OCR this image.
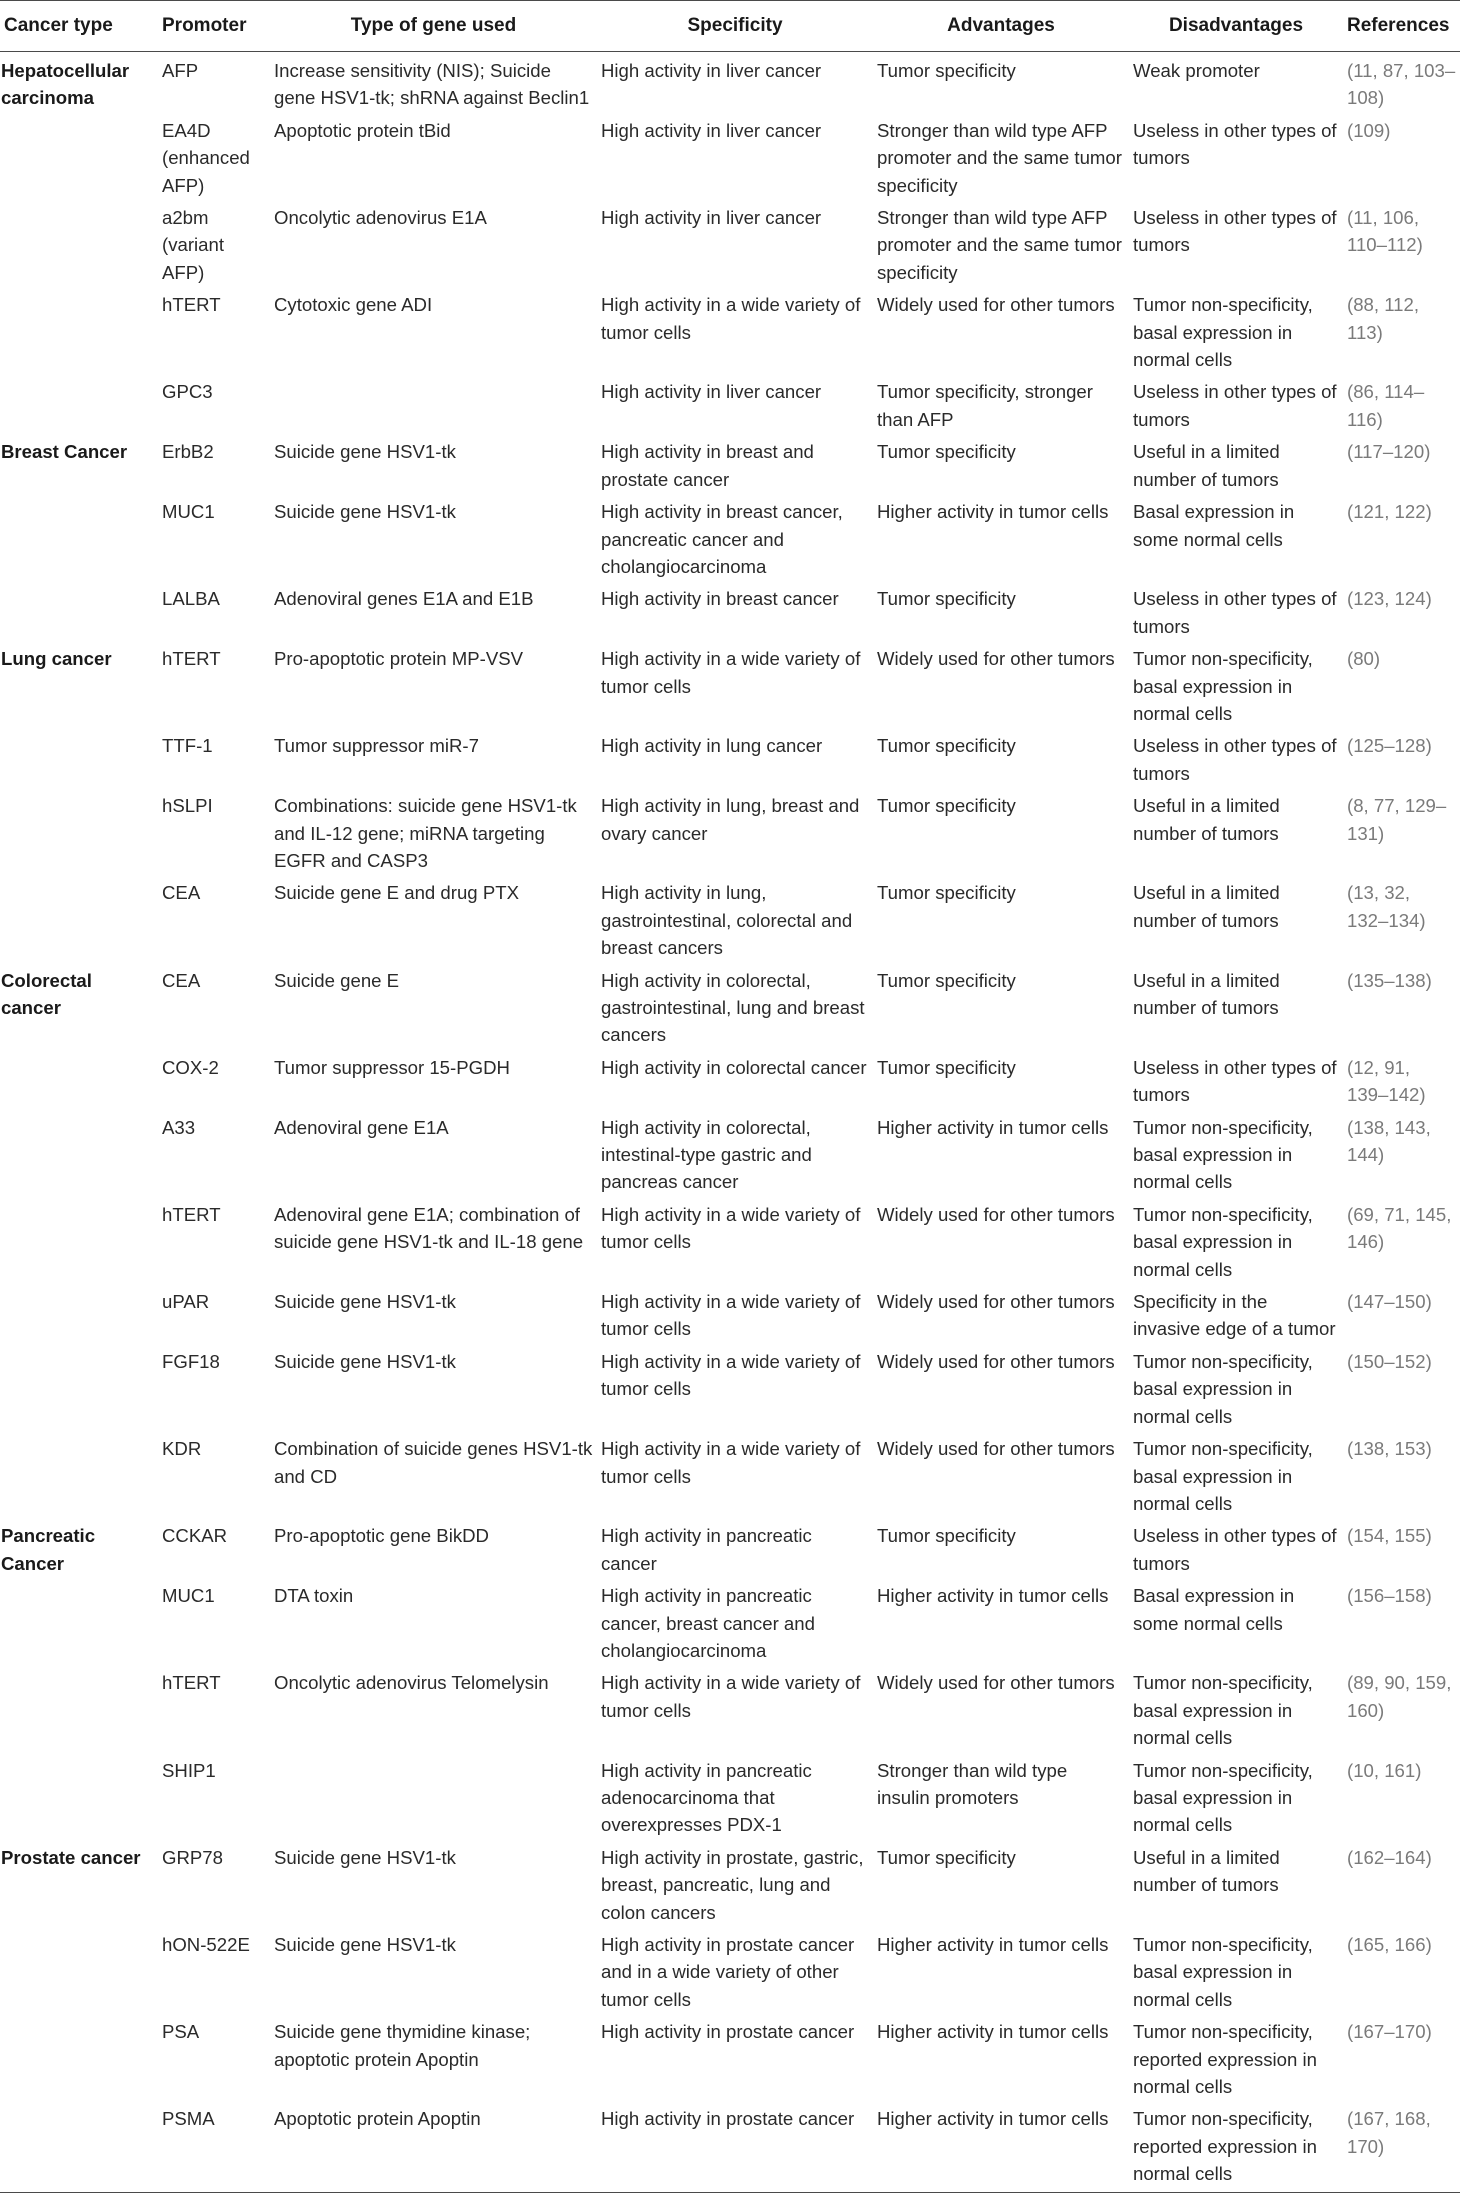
Cancer type	Promoter	Type of gene used	Specificity	Advantages	Disadvantages	References
Hepatocellular carcinoma	AFP	Increase sensitivity (NIS); Suicide gene HSV1-tk; shRNA against Beclin1	High activity in liver cancer	Tumor specificity	Weak promoter	(11, 87, 103–108)
	EA4D (enhanced AFP)	Apoptotic protein tBid	High activity in liver cancer	Stronger than wild type AFP promoter and the same tumor specificity	Useless in other types of tumors	(109)
	a2bm (variant AFP)	Oncolytic adenovirus E1A	High activity in liver cancer	Stronger than wild type AFP promoter and the same tumor specificity	Useless in other types of tumors	(11, 106, 110–112)
	hTERT	Cytotoxic gene ADI	High activity in a wide variety of tumor cells	Widely used for other tumors	Tumor non-specificity, basal expression in normal cells	(88, 112, 113)
	GPC3		High activity in liver cancer	Tumor specificity, stronger than AFP	Useless in other types of tumors	(86, 114–116)
Breast Cancer	ErbB2	Suicide gene HSV1-tk	High activity in breast and prostate cancer	Tumor specificity	Useful in a limited number of tumors	(117–120)
	MUC1	Suicide gene HSV1-tk	High activity in breast cancer, pancreatic cancer and cholangiocarcinoma	Higher activity in tumor cells	Basal expression in some normal cells	(121, 122)
	LALBA	Adenoviral genes E1A and E1B	High activity in breast cancer	Tumor specificity	Useless in other types of tumors	(123, 124)
Lung cancer	hTERT	Pro-apoptotic protein MP-VSV	High activity in a wide variety of tumor cells	Widely used for other tumors	Tumor non-specificity, basal expression in normal cells	(80)
	TTF-1	Tumor suppressor miR-7	High activity in lung cancer	Tumor specificity	Useless in other types of tumors	(125–128)
	hSLPI	Combinations: suicide gene HSV1-tk and IL-12 gene; miRNA targeting EGFR and CASP3	High activity in lung, breast and ovary cancer	Tumor specificity	Useful in a limited number of tumors	(8, 77, 129–131)
	CEA	Suicide gene E and drug PTX	High activity in lung, gastrointestinal, colorectal and breast cancers	Tumor specificity	Useful in a limited number of tumors	(13, 32, 132–134)
Colorectal cancer	CEA	Suicide gene E	High activity in colorectal, gastrointestinal, lung and breast cancers	Tumor specificity	Useful in a limited number of tumors	(135–138)
	COX-2	Tumor suppressor 15-PGDH	High activity in colorectal cancer	Tumor specificity	Useless in other types of tumors	(12, 91, 139–142)
	A33	Adenoviral gene E1A	High activity in colorectal, intestinal-type gastric and pancreas cancer	Higher activity in tumor cells	Tumor non-specificity, basal expression in normal cells	(138, 143, 144)
	hTERT	Adenoviral gene E1A; combination of suicide gene HSV1-tk and IL-18 gene	High activity in a wide variety of tumor cells	Widely used for other tumors	Tumor non-specificity, basal expression in normal cells	(69, 71, 145, 146)
	uPAR	Suicide gene HSV1-tk	High activity in a wide variety of tumor cells	Widely used for other tumors	Specificity in the invasive edge of a tumor	(147–150)
	FGF18	Suicide gene HSV1-tk	High activity in a wide variety of tumor cells	Widely used for other tumors	Tumor non-specificity, basal expression in normal cells	(150–152)
	KDR	Combination of suicide genes HSV1-tk and CD	High activity in a wide variety of tumor cells	Widely used for other tumors	Tumor non-specificity, basal expression in normal cells	(138, 153)
Pancreatic Cancer	CCKAR	Pro-apoptotic gene BikDD	High activity in pancreatic cancer	Tumor specificity	Useless in other types of tumors	(154, 155)
	MUC1	DTA toxin	High activity in pancreatic cancer, breast cancer and cholangiocarcinoma	Higher activity in tumor cells	Basal expression in some normal cells	(156–158)
	hTERT	Oncolytic adenovirus Telomelysin	High activity in a wide variety of tumor cells	Widely used for other tumors	Tumor non-specificity, basal expression in normal cells	(89, 90, 159, 160)
	SHIP1		High activity in pancreatic adenocarcinoma that overexpresses PDX-1	Stronger than wild type insulin promoters	Tumor non-specificity, basal expression in normal cells	(10, 161)
Prostate cancer	GRP78	Suicide gene HSV1-tk	High activity in prostate, gastric, breast, pancreatic, lung and colon cancers	Tumor specificity	Useful in a limited number of tumors	(162–164)
	hON-522E	Suicide gene HSV1-tk	High activity in prostate cancer and in a wide variety of other tumor cells	Higher activity in tumor cells	Tumor non-specificity, basal expression in normal cells	(165, 166)
	PSA	Suicide gene thymidine kinase; apoptotic protein Apoptin	High activity in prostate cancer	Higher activity in tumor cells	Tumor non-specificity, reported expression in normal cells	(167–170)
	PSMA	Apoptotic protein Apoptin	High activity in prostate cancer	Higher activity in tumor cells	Tumor non-specificity, reported expression in normal cells	(167, 168, 170)
